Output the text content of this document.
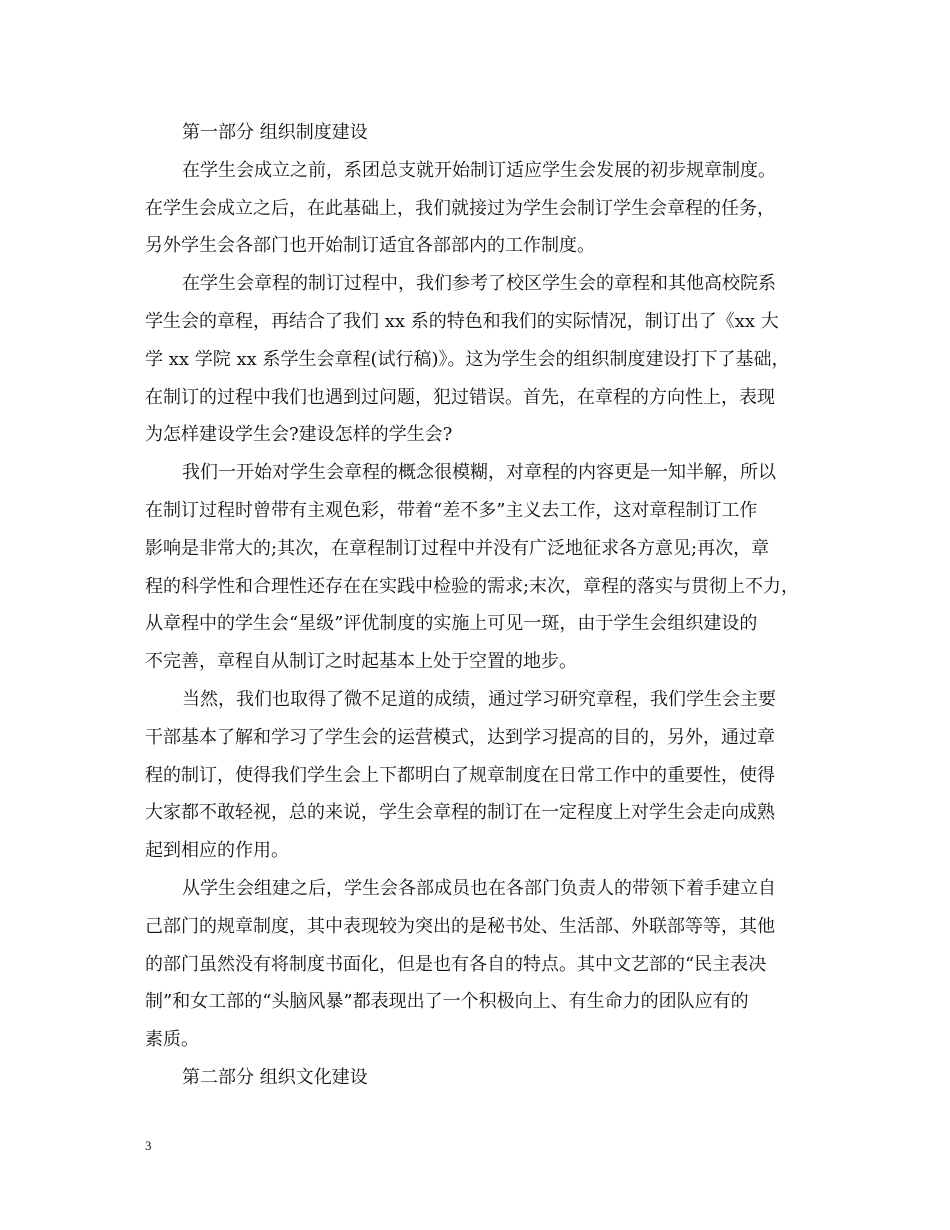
第一部分 组织制度建设
在学生会成立之前，系团总支就开始制订适应学生会发展的初步规章制度。
在学生会成立之后，在此基础上，我们就接过为学生会制订学生会章程的任务，
另外学生会各部门也开始制订适宜各部部内的工作制度。
在学生会章程的制订过程中，我们参考了校区学生会的章程和其他高校院系
学生会的章程，再结合了我们 xx 系的特色和我们的实际情况，制订出了《xx 大
学 xx 学院 xx 系学生会章程(试行稿)》。这为学生会的组织制度建设打下了基础，
在制订的过程中我们也遇到过问题，犯过错误。首先，在章程的方向性上，表现
为怎样建设学生会?建设怎样的学生会?
我们一开始对学生会章程的概念很模糊，对章程的内容更是一知半解，所以
在制订过程时曾带有主观色彩，带着“差不多”主义去工作，这对章程制订工作
影响是非常大的;其次，在章程制订过程中并没有广泛地征求各方意见;再次，章
程的科学性和合理性还存在在实践中检验的需求;末次，章程的落实与贯彻上不力，
从章程中的学生会“星级”评优制度的实施上可见一斑，由于学生会组织建设的
不完善，章程自从制订之时起基本上处于空置的地步。
当然，我们也取得了微不足道的成绩，通过学习研究章程，我们学生会主要
干部基本了解和学习了学生会的运营模式，达到学习提高的目的，另外，通过章
程的制订，使得我们学生会上下都明白了规章制度在日常工作中的重要性，使得
大家都不敢轻视，总的来说，学生会章程的制订在一定程度上对学生会走向成熟
起到相应的作用。
从学生会组建之后，学生会各部成员也在各部门负责人的带领下着手建立自
己部门的规章制度，其中表现较为突出的是秘书处、生活部、外联部等等，其他
的部门虽然没有将制度书面化，但是也有各自的特点。其中文艺部的“民主表决
制”和女工部的“头脑风暴”都表现出了一个积极向上、有生命力的团队应有的
素质。
第二部分 组织文化建设
3
